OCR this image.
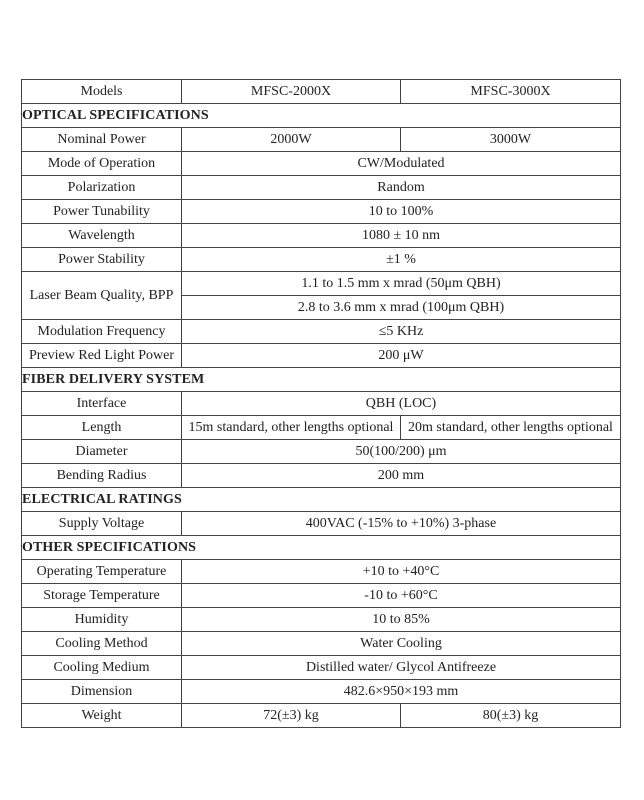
Models	MFSC-2000X	MFSC-3000X
OPTICAL SPECIFICATIONS		
Nominal Power	2000W	3000W
Mode of Operation	CW/Modulated	
Polarization	Random	
Power Tunability	10 to 100%	
Wavelength	1080 ± 10 nm	
Power Stability	±1 %	
Laser Beam Quality, BPP	1.1 to 1.5 mm x mrad (50μm QBH)	
	2.8 to 3.6 mm x mrad (100μm QBH)	
Modulation Frequency	≤5 KHz	
Preview Red Light Power	200 μW	
FIBER DELIVERY SYSTEM		
Interface	QBH (LOC)	
Length	15m standard, other lengths optional	20m standard, other lengths optional
Diameter	50(100/200) μm	
Bending Radius	200 mm	
ELECTRICAL RATINGS		
Supply Voltage	400VAC (-15% to +10%) 3-phase	
OTHER SPECIFICATIONS		
Operating Temperature	+10 to +40°C	
Storage Temperature	-10 to +60°C	
Humidity	10 to 85%	
Cooling Method	Water Cooling	
Cooling Medium	Distilled water/ Glycol Antifreeze	
Dimension	482.6×950×193 mm	
Weight	72(±3) kg	80(±3) kg
